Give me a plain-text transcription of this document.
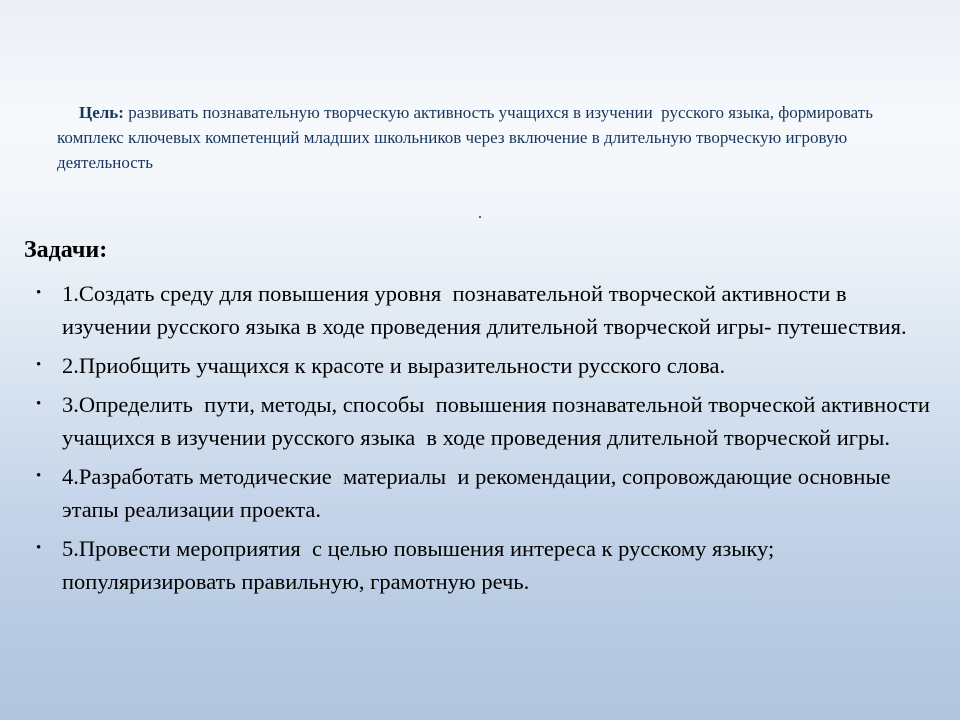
Цель: развивать познавательную творческую активность учащихся в изучении  русского языка, формировать комплекс ключевых компетенций младших школьников через включение в длительную творческую игровую деятельность

.
Задачи:
• 1.Создать среду для повышения уровня  познавательной творческой активности в изучении русского языка в ходе проведения длительной творческой игры- путешествия.
• 2.Приобщить учащихся к красоте и выразительности русского слова.
• 3.Определить  пути, методы, способы  повышения познавательной творческой активности учащихся в изучении русского языка  в ходе проведения длительной творческой игры.
• 4.Разработать методические  материалы  и рекомендации, сопровождающие основные этапы реализации проекта.
• 5.Провести мероприятия  с целью повышения интереса к русскому языку; популяризировать правильную, грамотную речь.
